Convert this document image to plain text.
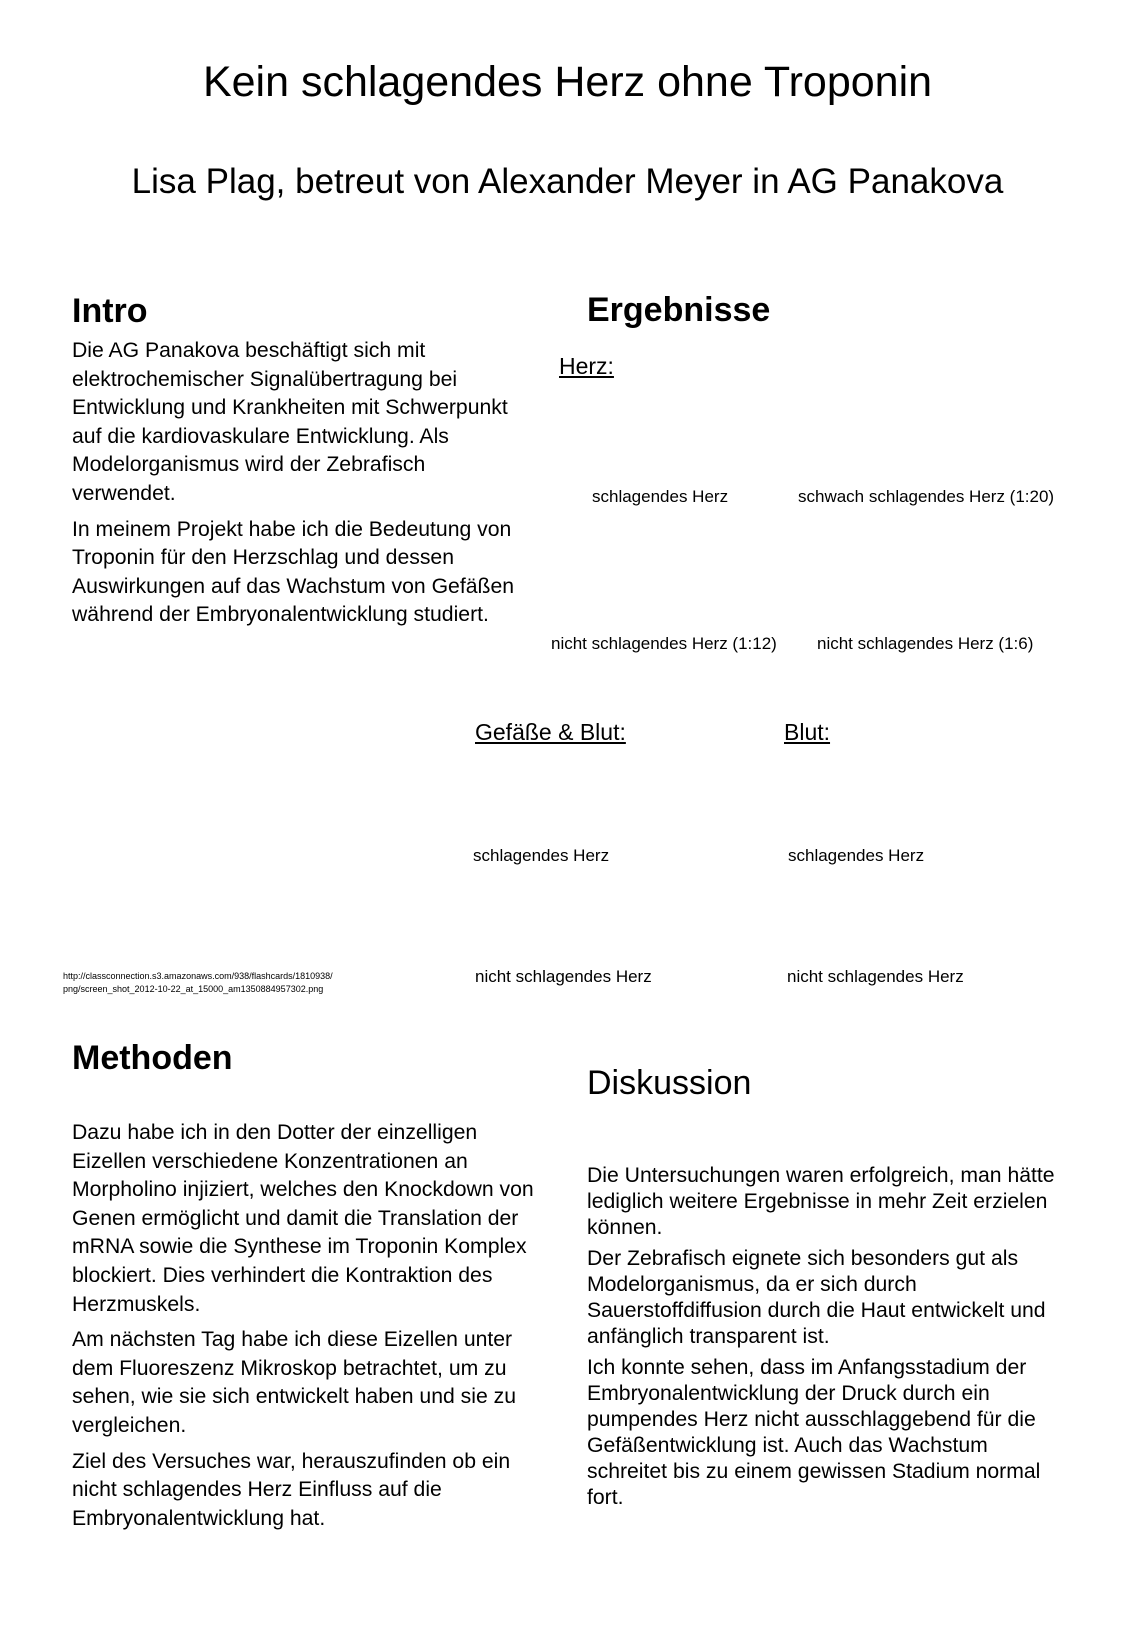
Kein schlagendes Herz ohne Troponin
Lisa Plag, betreut von Alexander Meyer in AG Panakova
Intro

Die AG Panakova beschäftigt sich mit elektrochemischer Signalübertragung bei Entwicklung und Krankheiten mit Schwerpunkt auf die kardiovaskulare Entwicklung. Als Modelorganismus wird der Zebrafisch verwendet.

In meinem Projekt habe ich die Bedeutung von Troponin für den Herzschlag und dessen Auswirkungen auf das Wachstum von Gefäßen während der Embryonalentwicklung studiert.

http://classconnection.s3.amazonaws.com/938/flashcards/1810938/
png/screen_shot_2012-10-22_at_15000_am1350884957302.png
Ergebnisse
Herz:
schlagendes Herz	schwach schlagendes Herz (1:20)
nicht schlagendes Herz (1:12) nicht schlagendes Herz (1:6)
Gefäße & Blut:	Blut:
schlagendes Herz	schlagendes Herz
nicht schlagendes Herz	nicht schlagendes Herz
Methoden

Dazu habe ich in den Dotter der einzelligen Eizellen verschiedene Konzentrationen an Morpholino injiziert, welches den Knockdown von Genen ermöglicht und damit die Translation der mRNA sowie die Synthese im Troponin Komplex blockiert. Dies verhindert die Kontraktion des Herzmuskels.

Am nächsten Tag habe ich diese Eizellen unter dem Fluoreszenz Mikroskop betrachtet, um zu sehen, wie sie sich entwickelt haben und sie zu vergleichen.

Ziel des Versuches war, herauszufinden ob ein nicht schlagendes Herz Einfluss auf die Embryonalentwicklung hat.

Diskussion

Die Untersuchungen waren erfolgreich, man hätte lediglich weitere Ergebnisse in mehr Zeit erzielen können.

Der Zebrafisch eignete sich besonders gut als Modelorganismus, da er sich durch Sauerstoffdiffusion durch die Haut entwickelt und anfänglich transparent ist.

Ich konnte sehen, dass im Anfangsstadium der Embryonalentwicklung der Druck durch ein pumpendes Herz nicht ausschlaggebend für die Gefäßentwicklung ist. Auch das Wachstum schreitet bis zu einem gewissen Stadium normal fort.
